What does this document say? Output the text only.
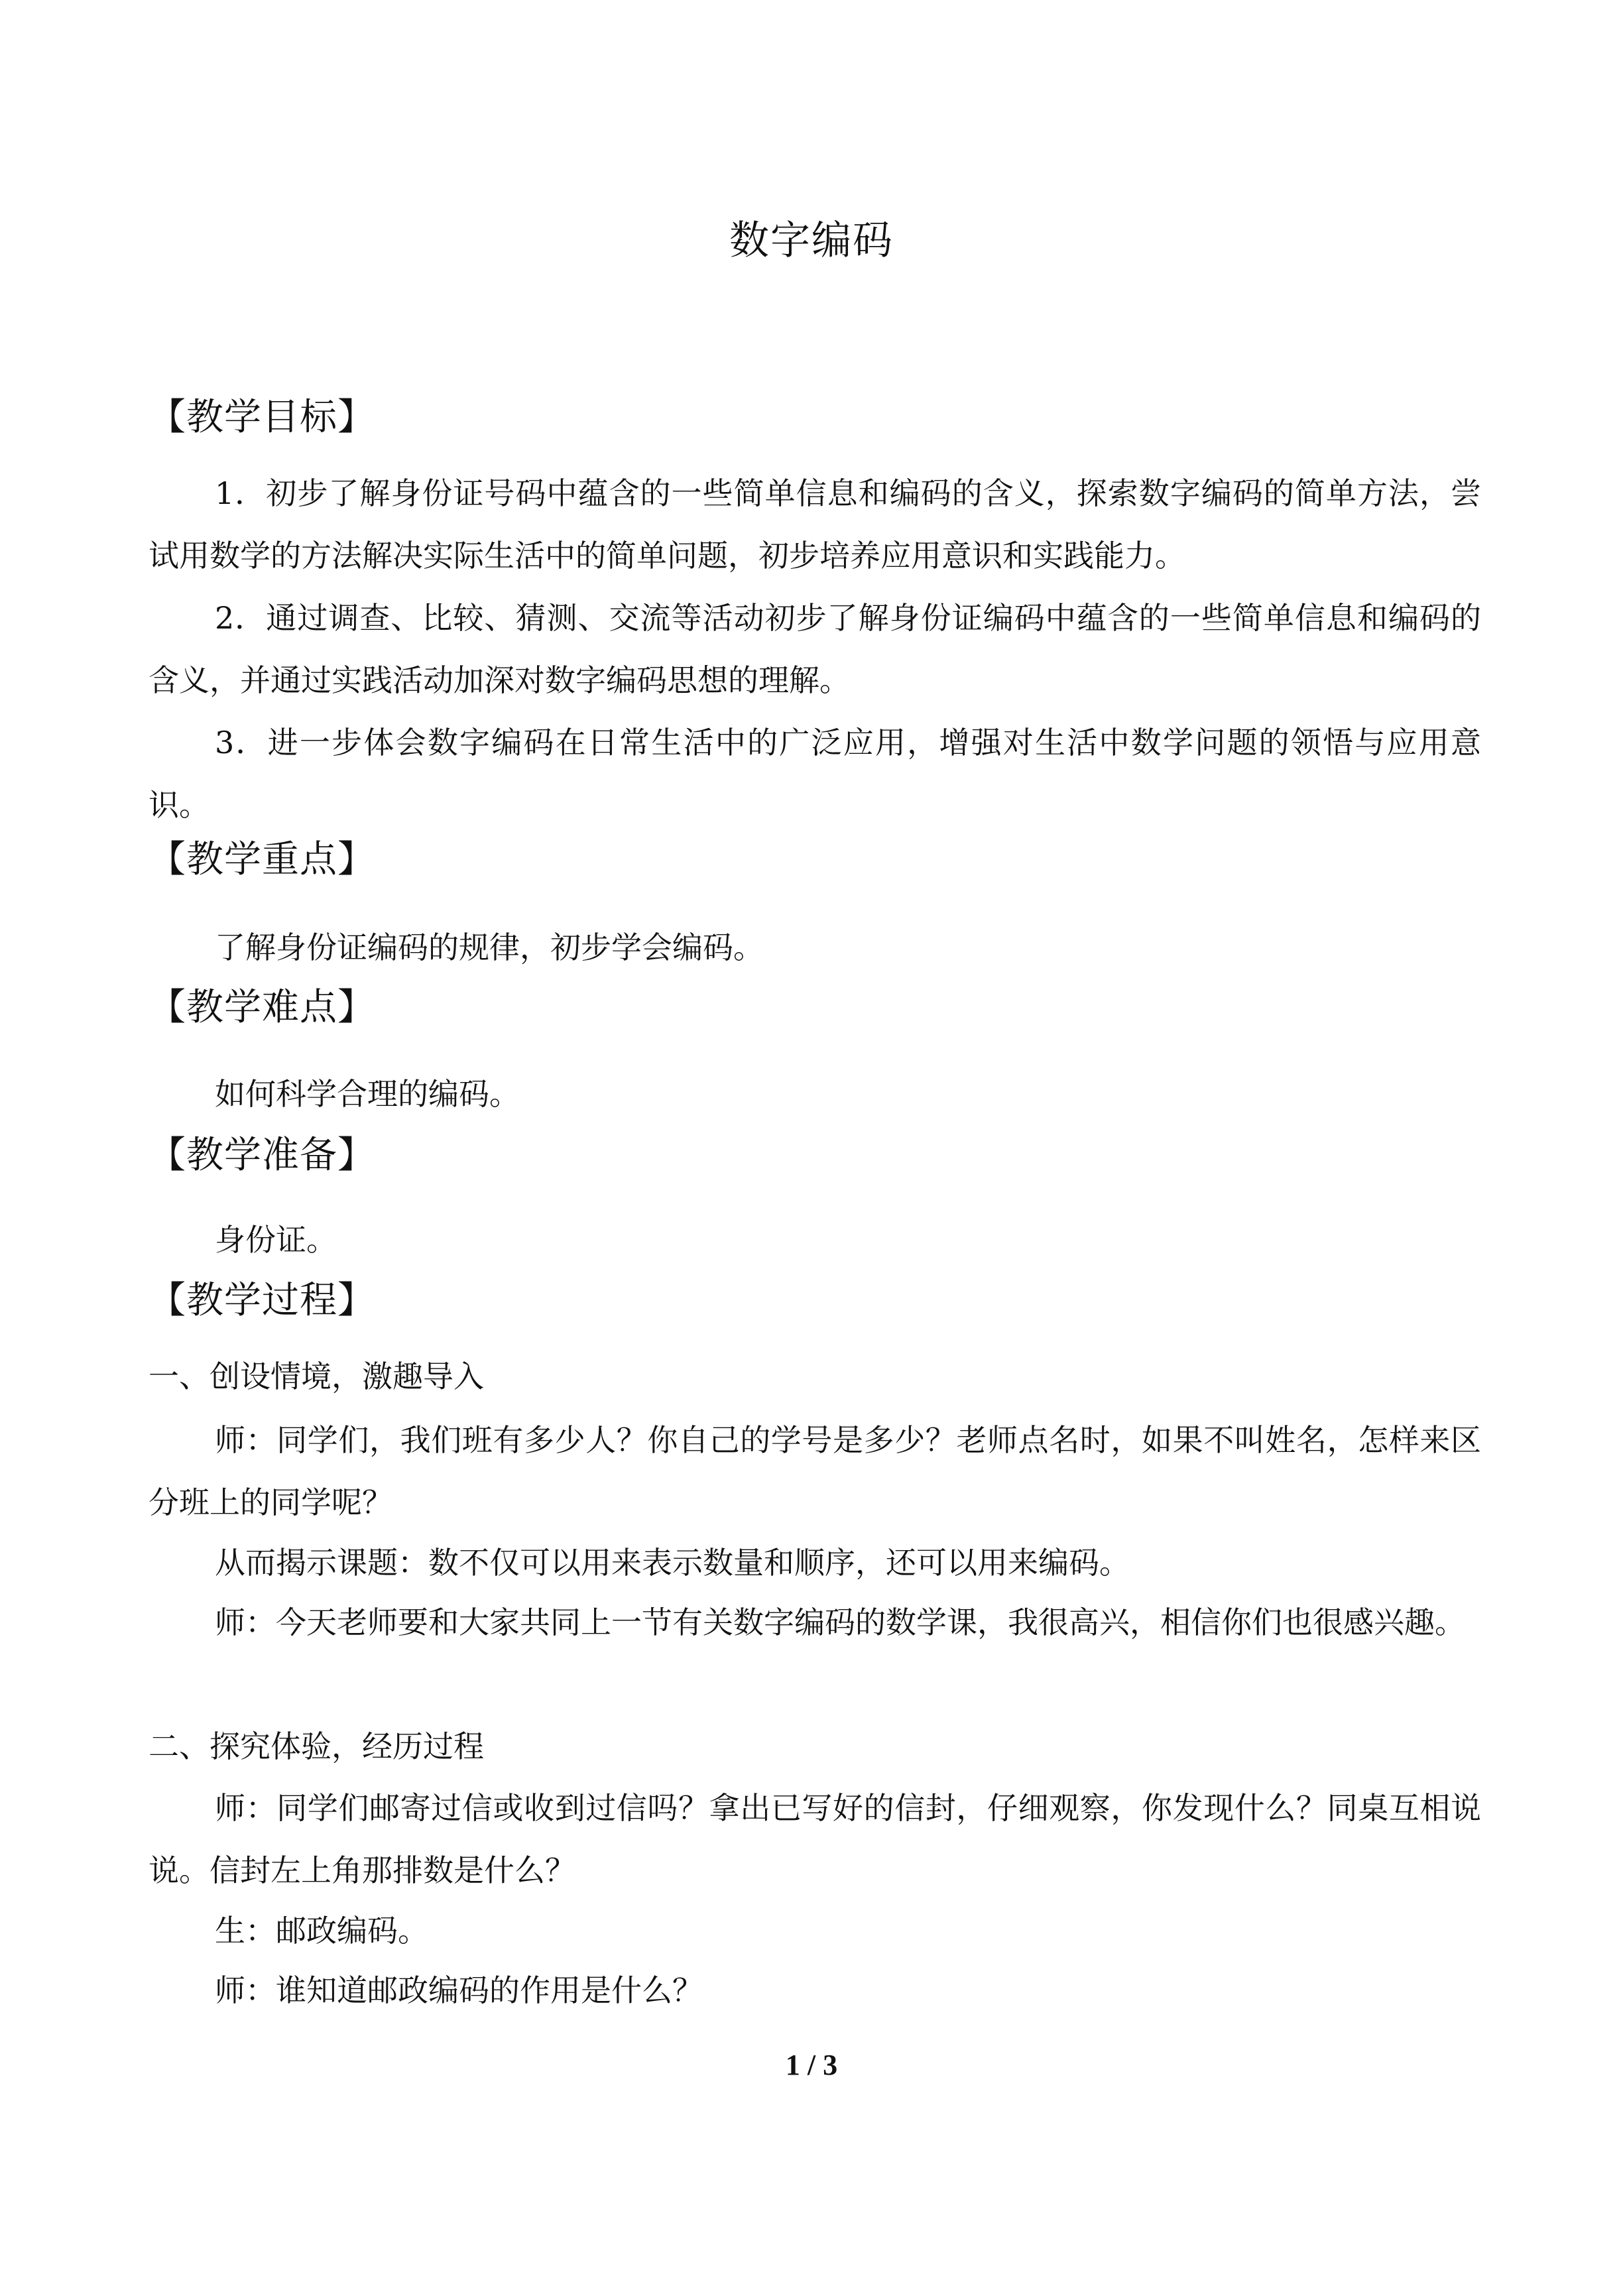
数字编码
【教学目标】
1．初步了解身份证号码中蕴含的一些简单信息和编码的含义，探索数字编码的简单方法，尝试用数学的方法解决实际生活中的简单问题，初步培养应用意识和实践能力。
2．通过调查、比较、猜测、交流等活动初步了解身份证编码中蕴含的一些简单信息和编码的含义，并通过实践活动加深对数字编码思想的理解。
3．进一步体会数字编码在日常生活中的广泛应用，增强对生活中数学问题的领悟与应用意识。
【教学重点】
了解身份证编码的规律，初步学会编码。
【教学难点】
如何科学合理的编码。
【教学准备】
身份证。
【教学过程】
一、创设情境，激趣导入
师：同学们，我们班有多少人？你自己的学号是多少？老师点名时，如果不叫姓名，怎样来区分班上的同学呢？
从而揭示课题：数不仅可以用来表示数量和顺序，还可以用来编码。
师：今天老师要和大家共同上一节有关数字编码的数学课，我很高兴，相信你们也很感兴趣。
二、探究体验，经历过程
师：同学们邮寄过信或收到过信吗？拿出已写好的信封，仔细观察，你发现什么？同桌互相说说。信封左上角那排数是什么？
生：邮政编码。
师：谁知道邮政编码的作用是什么？
1 / 3
